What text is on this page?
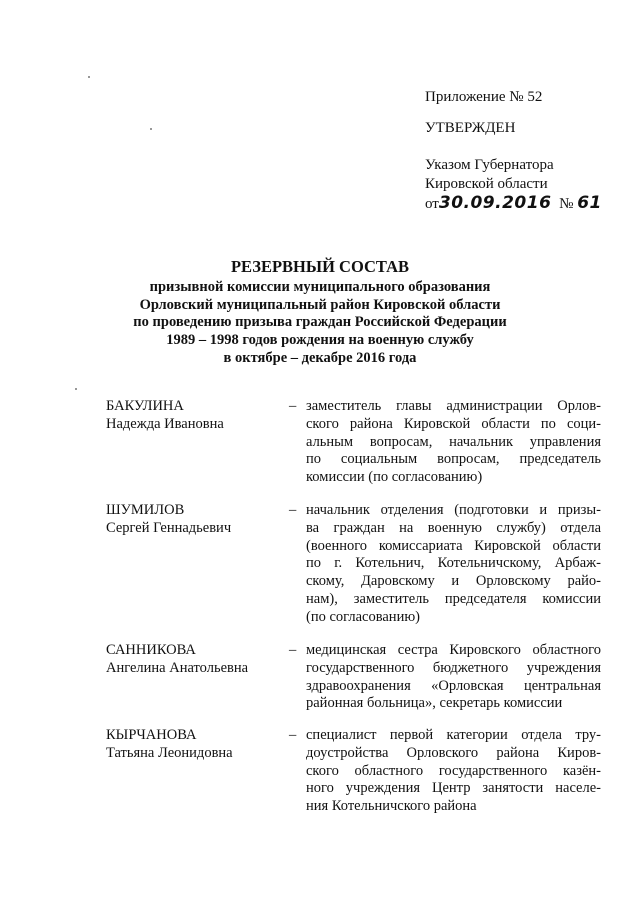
Приложение № 52
УТВЕРЖДЕН
Указом Губернатора
Кировской области
от30.09.2016 № 61
РЕЗЕРВНЫЙ СОСТАВ
призывной комиссии муниципального образования
Орловский муниципальный район Кировской области
по проведению призыва граждан Российской Федерации
1989 – 1998 годов рождения на военную службу
в октябре – декабре 2016 года
БАКУЛИНА
Надежда Ивановна
– заместитель главы администрации Орлов-
ского района Кировской области по соци-
альным вопросам, начальник управления
по социальным вопросам, председатель
комиссии (по согласованию)
ШУМИЛОВ
Сергей Геннадьевич
– начальник отделения (подготовки и призы-
ва граждан на военную службу) отдела
(военного комиссариата Кировской области
по г. Котельнич, Котельничскому, Арбаж-
скому, Даровскому и Орловскому райо-
нам), заместитель председателя комиссии
(по согласованию)
САННИКОВА
Ангелина Анатольевна
– медицинская сестра Кировского областного
государственного бюджетного учреждения
здравоохранения «Орловская центральная
районная больница», секретарь комиссии
КЫРЧАНОВА
Татьяна Леонидовна
– специалист первой категории отдела тру-
доустройства Орловского района Киров-
ского областного государственного казён-
ного учреждения Центр занятости населе-
ния Котельничского района
